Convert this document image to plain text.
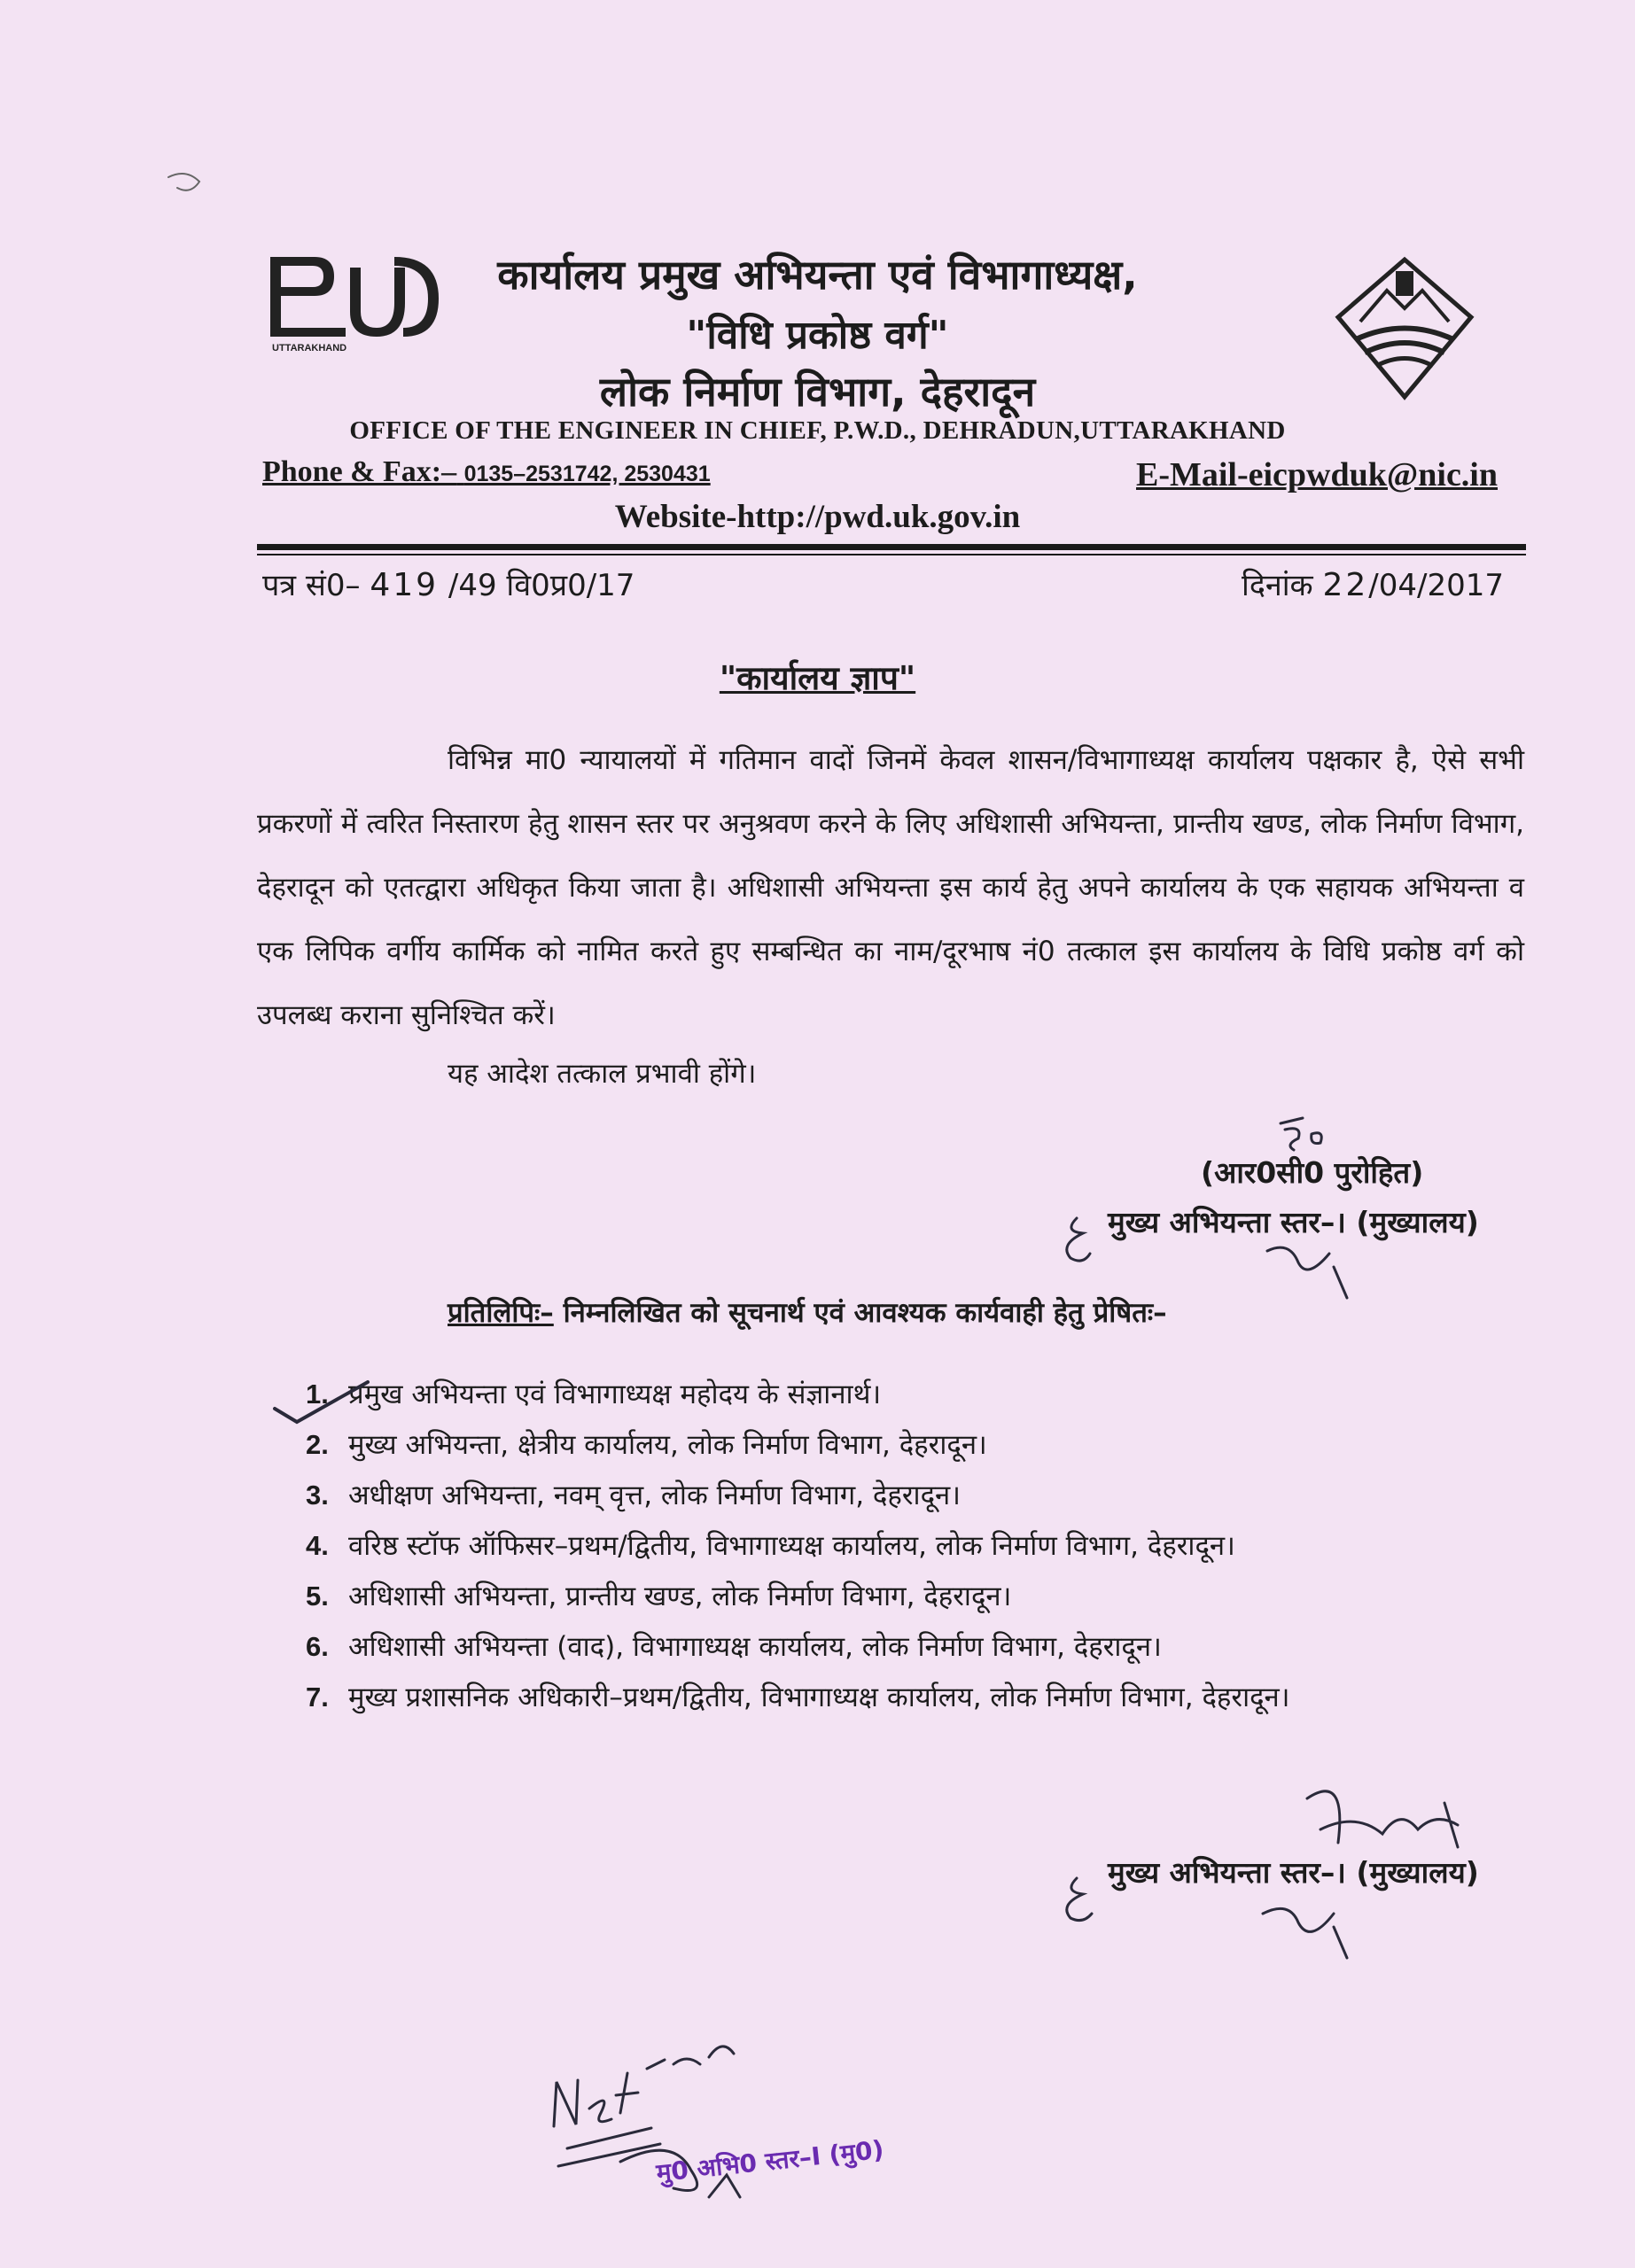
UTTARAKHAND
कार्यालय प्रमुख अभियन्ता एवं विभागाध्यक्ष,
"विधि प्रकोष्ठ वर्ग"
लोक निर्माण विभाग, देहरादून
OFFICE OF THE ENGINEER IN CHIEF, P.W.D., DEHRADUN,UTTARAKHAND
Phone & Fax:– 0135–2531742, 2530431	E-Mail-eicpwduk@nic.in
Website-http://pwd.uk.gov.in
पत्र सं0– 419 /49 वि0प्र0/17	दिनांक 22/04/2017
"कार्यालय ज्ञाप"
विभिन्न मा0 न्यायालयों में गतिमान वादों जिनमें केवल शासन/विभागाध्यक्ष कार्यालय पक्षकार है, ऐसे सभी प्रकरणों में त्वरित निस्तारण हेतु शासन स्तर पर अनुश्रवण करने के लिए अधिशासी अभियन्ता, प्रान्तीय खण्ड, लोक निर्माण विभाग, देहरादून को एतत्द्वारा अधिकृत किया जाता है। अधिशासी अभियन्ता इस कार्य हेतु अपने कार्यालय के एक सहायक अभियन्ता व एक लिपिक वर्गीय कार्मिक को नामित करते हुए सम्बन्धित का नाम/दूरभाष नं0 तत्काल इस कार्यालय के विधि प्रकोष्ठ वर्ग को उपलब्ध कराना सुनिश्चित करें।
यह आदेश तत्काल प्रभावी होंगे।
(आर0सी0 पुरोहित)
मुख्य अभियन्ता स्तर–। (मुख्यालय)
प्रतिलिपिः– निम्नलिखित को सूचनार्थ एवं आवश्यक कार्यवाही हेतु प्रेषितः–
1. प्रमुख अभियन्ता एवं विभागाध्यक्ष महोदय के संज्ञानार्थ।
2. मुख्य अभियन्ता, क्षेत्रीय कार्यालय, लोक निर्माण विभाग, देहरादून।
3. अधीक्षण अभियन्ता, नवम् वृत्त, लोक निर्माण विभाग, देहरादून।
4. वरिष्ठ स्टॉफ ऑफिसर–प्रथम/द्वितीय, विभागाध्यक्ष कार्यालय, लोक निर्माण विभाग, देहरादून।
5. अधिशासी अभियन्ता, प्रान्तीय खण्ड, लोक निर्माण विभाग, देहरादून।
6. अधिशासी अभियन्ता (वाद), विभागाध्यक्ष कार्यालय, लोक निर्माण विभाग, देहरादून।
7. मुख्य प्रशासनिक अधिकारी–प्रथम/द्वितीय, विभागाध्यक्ष कार्यालय, लोक निर्माण विभाग, देहरादून।
मुख्य अभियन्ता स्तर–। (मुख्यालय)
मु0 अभि0 स्तर–I (मु0)
